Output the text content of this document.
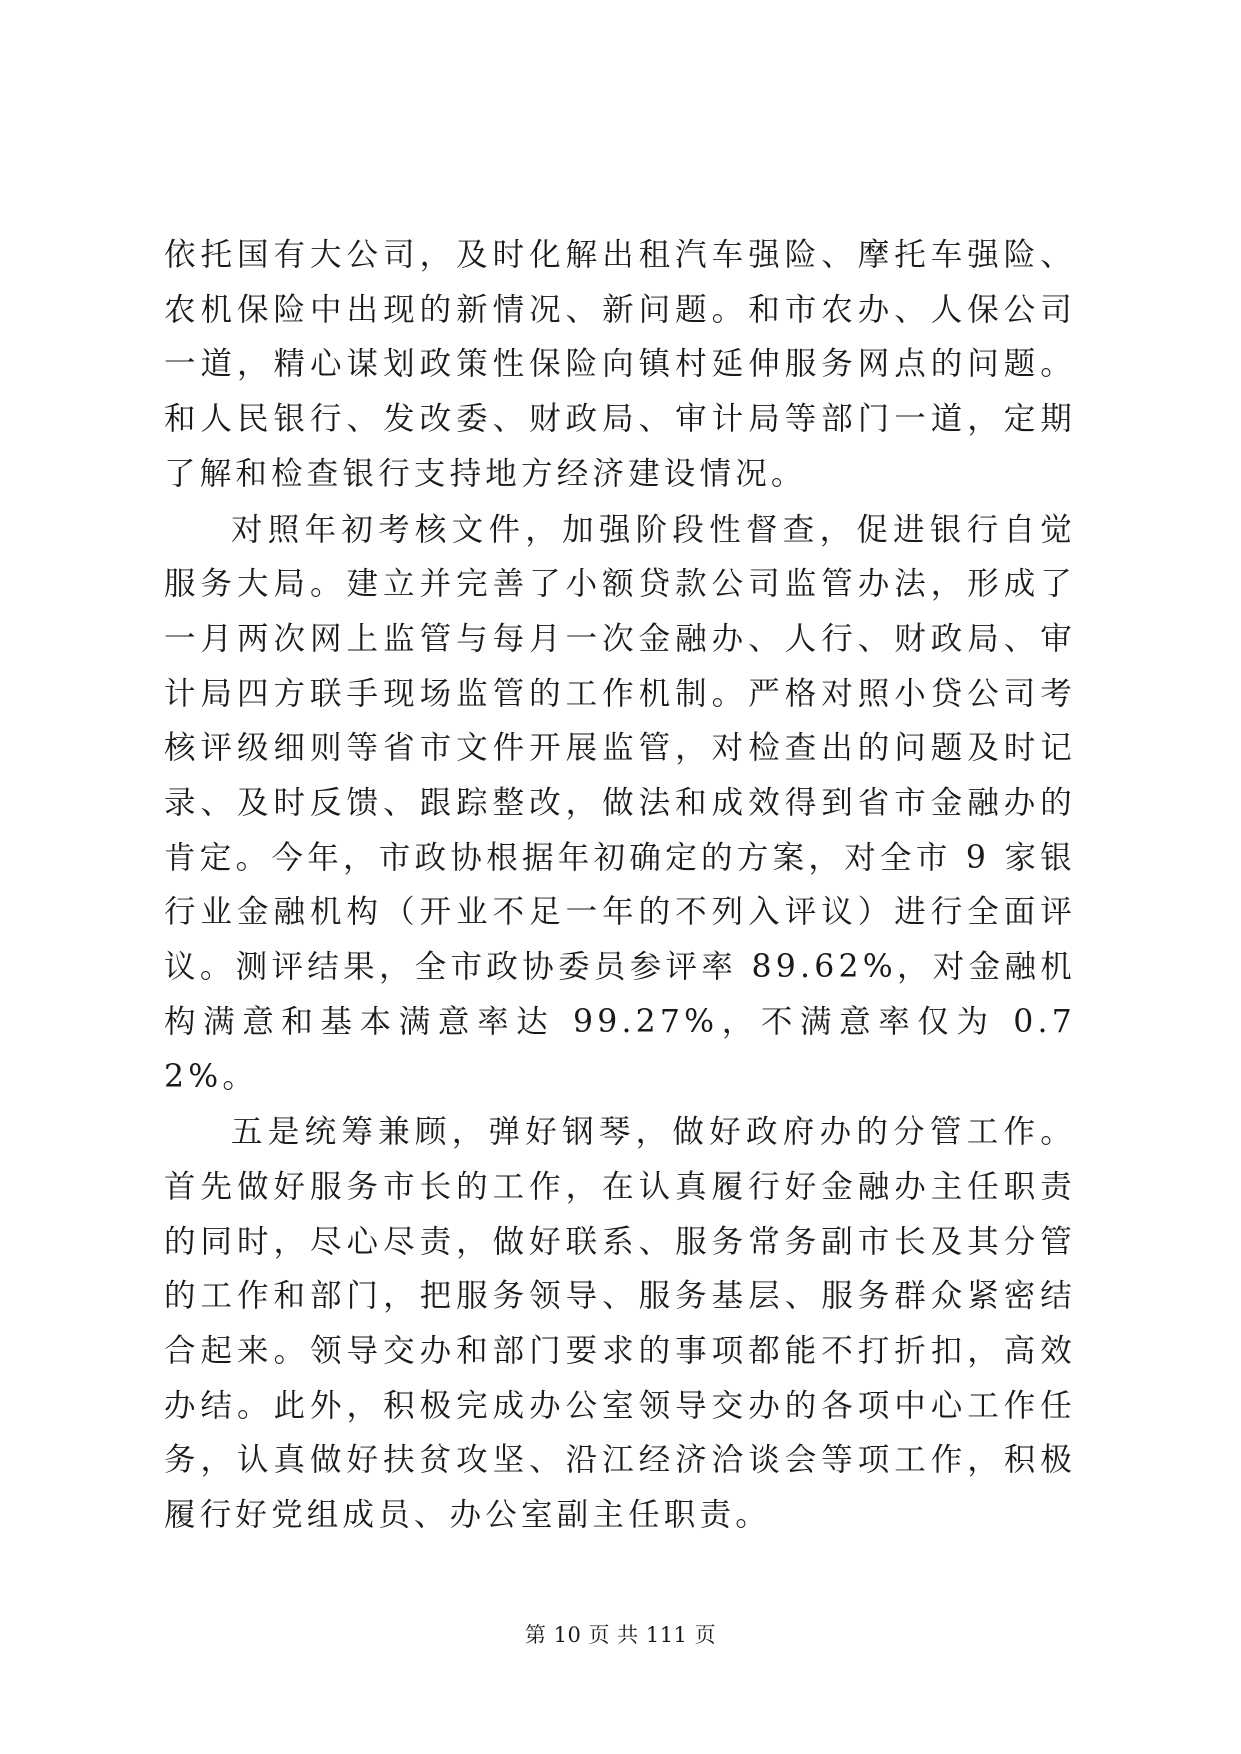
依托国有大公司，及时化解出租汽车强险、摩托车强险、农机保险中出现的新情况、新问题。和市农办、人保公司一道，精心谋划政策性保险向镇村延伸服务网点的问题。和人民银行、发改委、财政局、审计局等部门一道，定期了解和检查银行支持地方经济建设情况。

对照年初考核文件，加强阶段性督查，促进银行自觉服务大局。建立并完善了小额贷款公司监管办法，形成了一月两次网上监管与每月一次金融办、人行、财政局、审计局四方联手现场监管的工作机制。严格对照小贷公司考核评级细则等省市文件开展监管，对检查出的问题及时记录、及时反馈、跟踪整改，做法和成效得到省市金融办的肯定。今年，市政协根据年初确定的方案，对全市 9 家银行业金融机构（开业不足一年的不列入评议）进行全面评议。测评结果，全市政协委员参评率 89.62%，对金融机构满意和基本满意率达 99.27%，不满意率仅为 0.72%。

五是统筹兼顾，弹好钢琴，做好政府办的分管工作。首先做好服务市长的工作，在认真履行好金融办主任职责的同时，尽心尽责，做好联系、服务常务副市长及其分管的工作和部门，把服务领导、服务基层、服务群众紧密结合起来。领导交办和部门要求的事项都能不打折扣，高效办结。此外，积极完成办公室领导交办的各项中心工作任务，认真做好扶贫攻坚、沿江经济洽谈会等项工作，积极履行好党组成员、办公室副主任职责。

第 10 页 共 111 页
